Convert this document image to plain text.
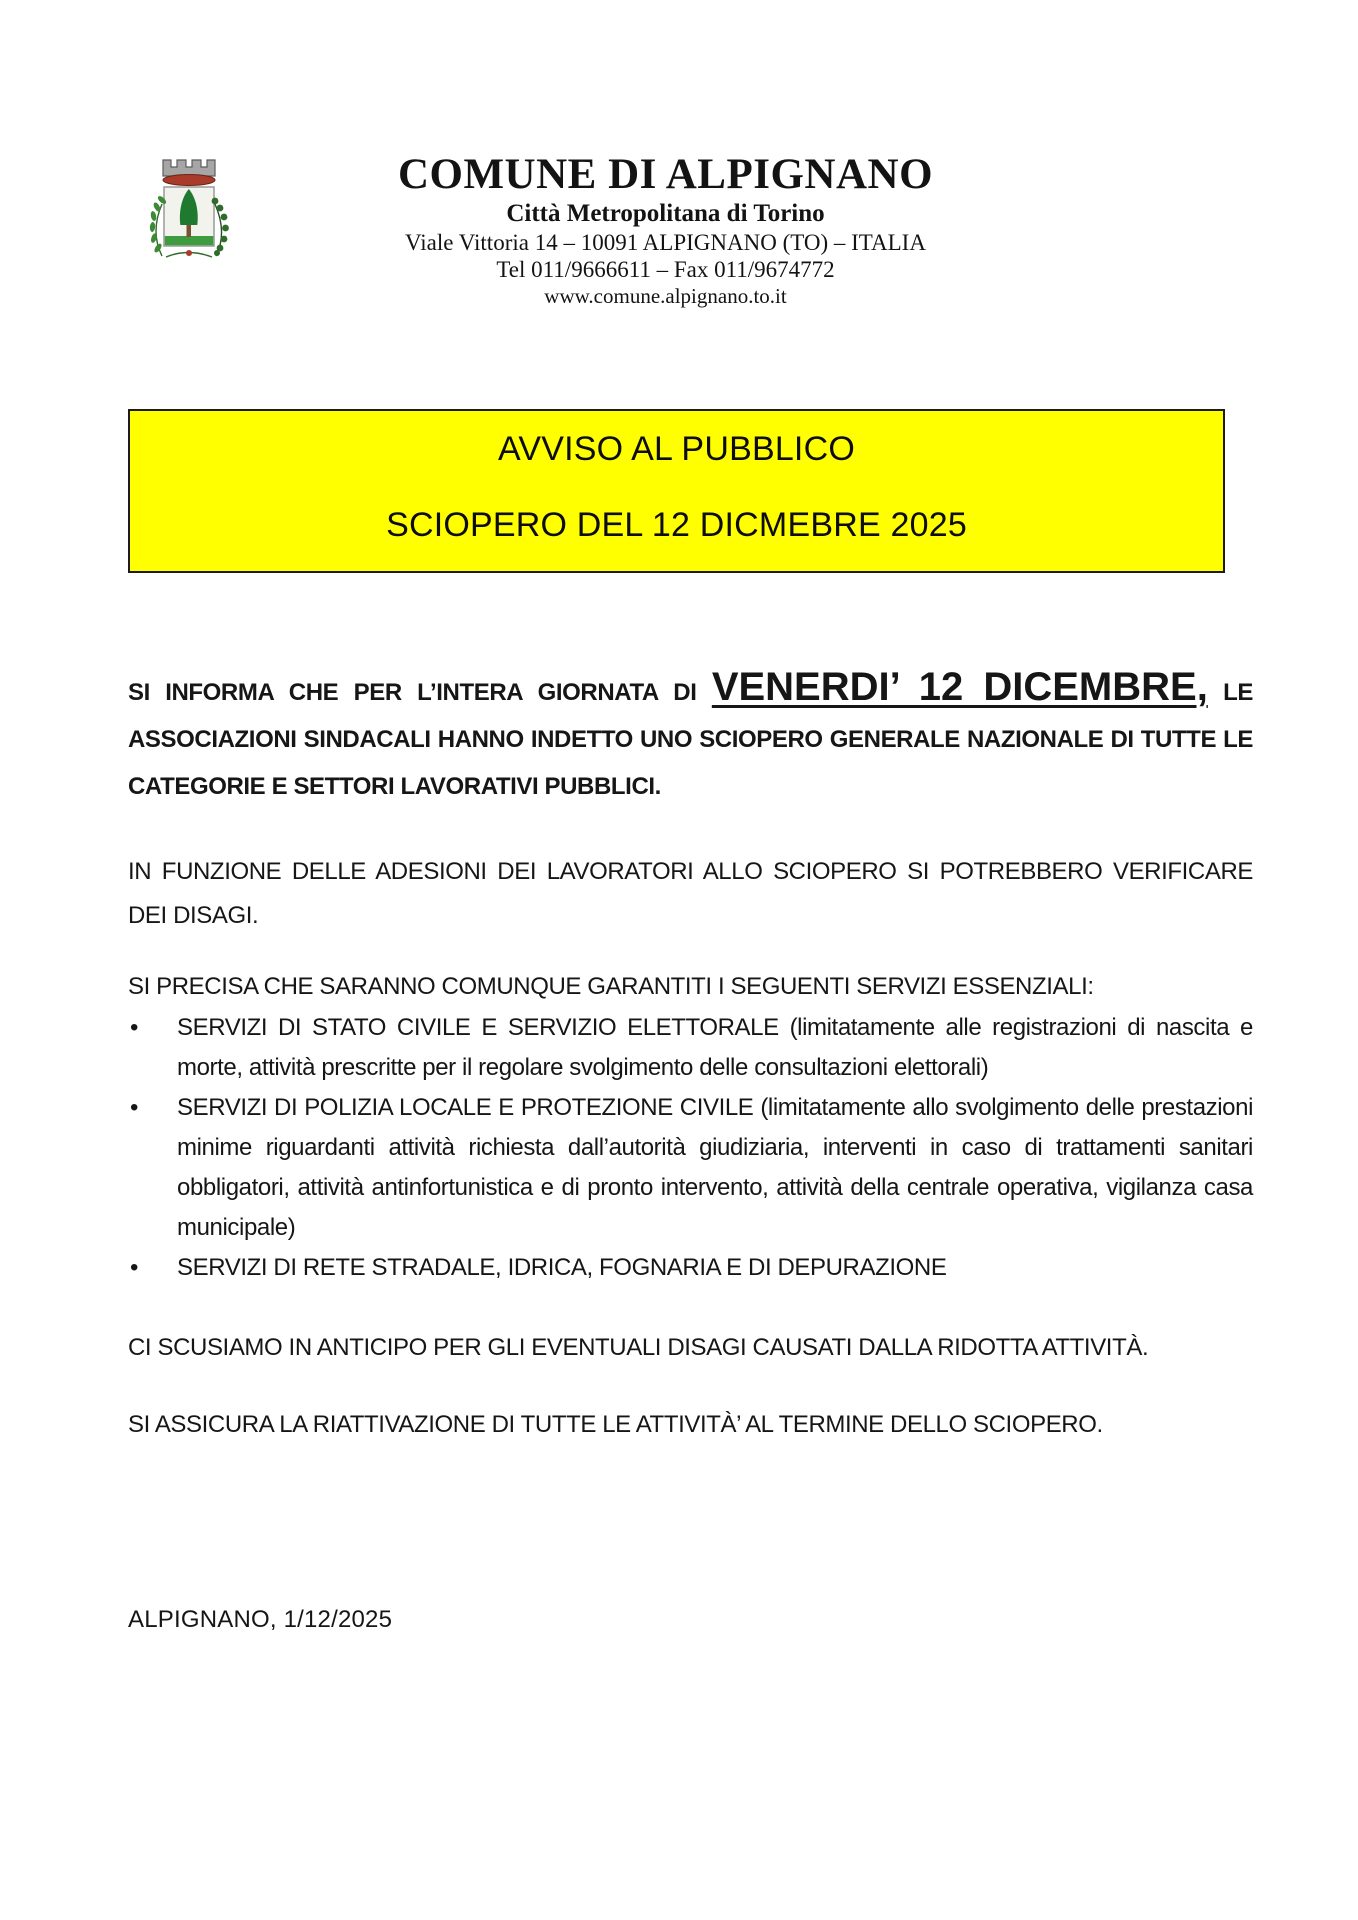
COMUNE DI ALPIGNANO
Città Metropolitana di Torino
Viale Vittoria 14 – 10091 ALPIGNANO (TO) – ITALIA
Tel 011/9666611 – Fax 011/9674772
www.comune.alpignano.to.it
AVVISO AL PUBBLICO
SCIOPERO DEL 12 DICMEBRE 2025

SI INFORMA CHE PER L’INTERA GIORNATA DI VENERDI’ 12 DICEMBRE, LE ASSOCIAZIONI SINDACALI HANNO INDETTO UNO SCIOPERO GENERALE NAZIONALE DI TUTTE LE CATEGORIE E SETTORI LAVORATIVI PUBBLICI.

IN FUNZIONE DELLE ADESIONI DEI LAVORATORI ALLO SCIOPERO SI POTREBBERO VERIFICARE DEI DISAGI.

SI PRECISA CHE SARANNO COMUNQUE GARANTITI I SEGUENTI SERVIZI ESSENZIALI:

• SERVIZI DI STATO CIVILE E SERVIZIO ELETTORALE (limitatamente alle registrazioni di nascita e morte, attività prescritte per il regolare svolgimento delle consultazioni elettorali)
• SERVIZI DI POLIZIA LOCALE E PROTEZIONE CIVILE (limitatamente allo svolgimento delle prestazioni minime riguardanti attività richiesta dall’autorità giudiziaria, interventi in caso di trattamenti sanitari obbligatori, attività antinfortunistica e di pronto intervento, attività della centrale operativa, vigilanza casa municipale)
• SERVIZI DI RETE STRADALE, IDRICA, FOGNARIA E DI DEPURAZIONE

CI SCUSIAMO IN ANTICIPO PER GLI EVENTUALI DISAGI CAUSATI DALLA RIDOTTA ATTIVITÀ.

SI ASSICURA LA RIATTIVAZIONE DI TUTTE LE ATTIVITÀ’ AL TERMINE DELLO SCIOPERO.

ALPIGNANO, 1/12/2025
